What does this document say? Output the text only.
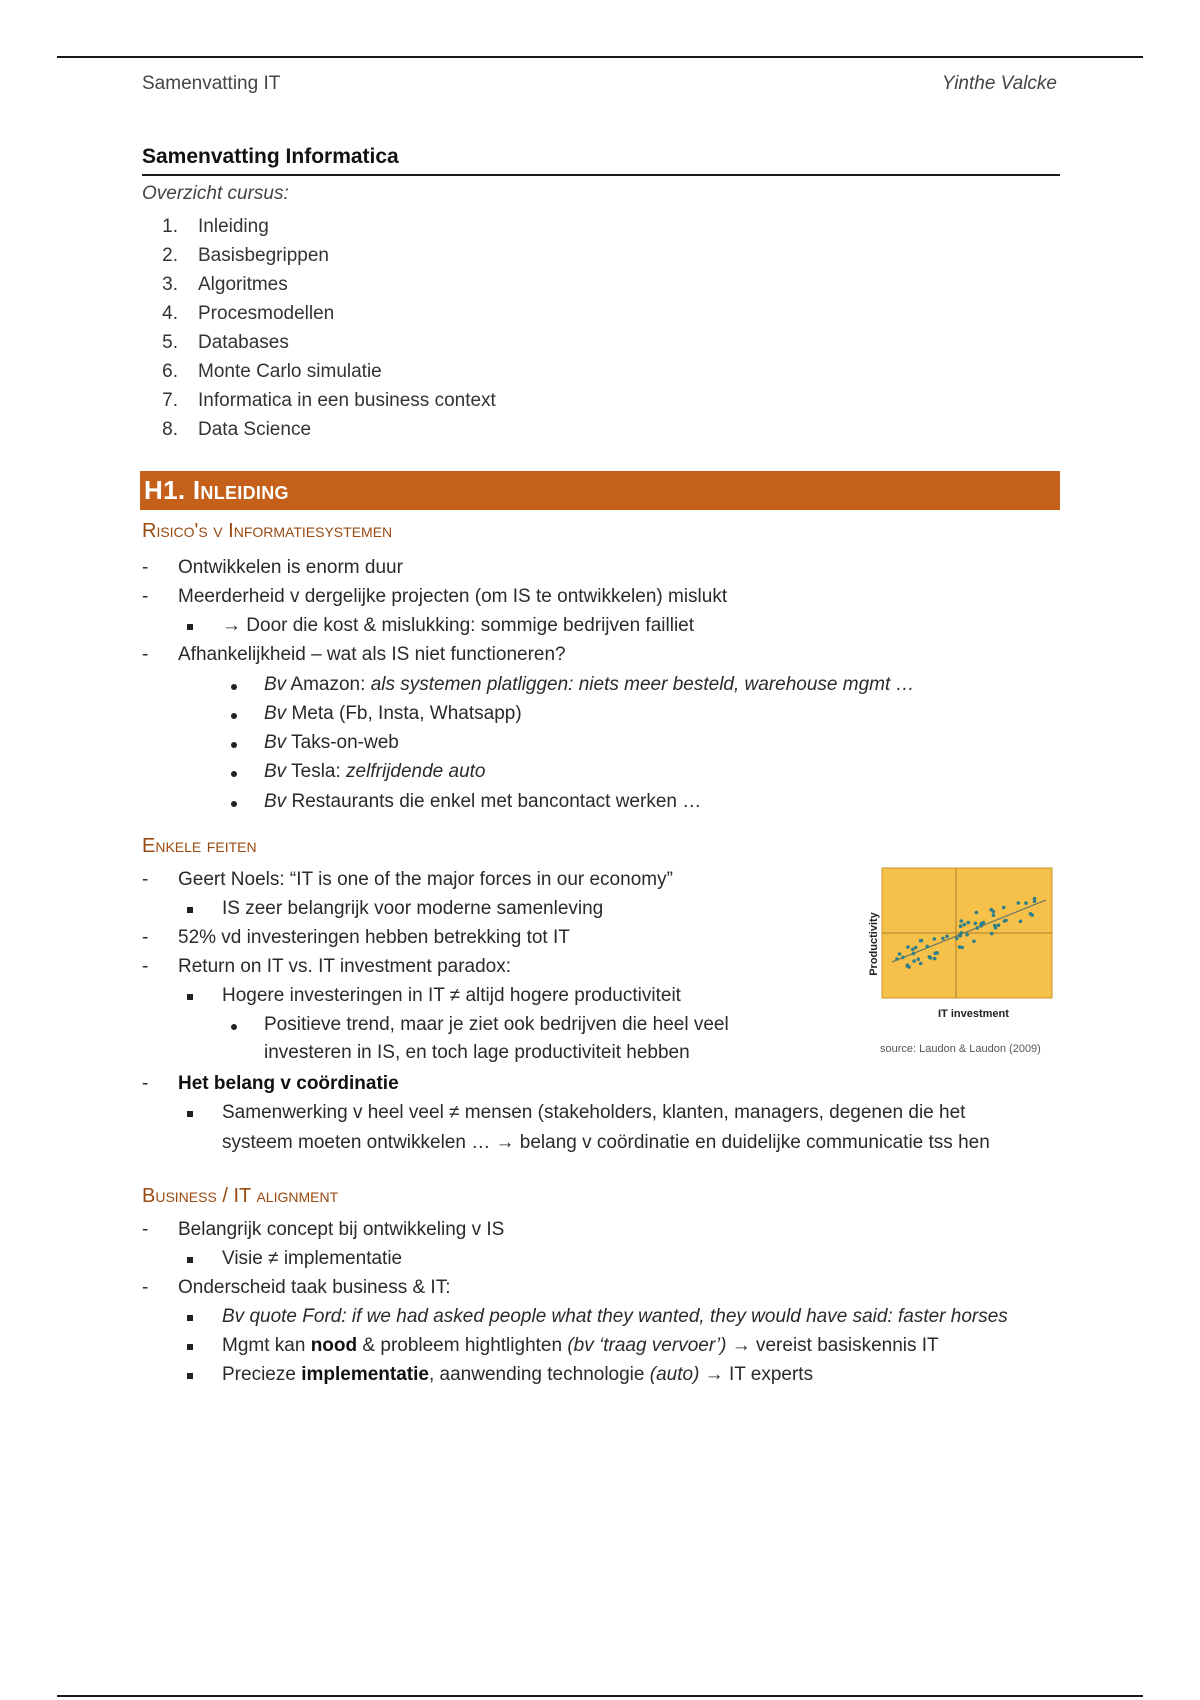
Samenvatting IT	Yinthe Valcke
Samenvatting Informatica
Overzicht cursus:
1. Inleiding
2. Basisbegrippen
3. Algoritmes
4. Procesmodellen
5. Databases
6. Monte Carlo simulatie
7. Informatica in een business context
8. Data Science
H1. Inleiding
Risico's v Informatiesystemen
- Ontwikkelen is enorm duur
- Meerderheid v dergelijke projecten (om IS te ontwikkelen) mislukt
→ Door die kost & mislukking: sommige bedrijven failliet
- Afhankelijkheid – wat als IS niet functioneren?
Bv Amazon: als systemen platliggen: niets meer besteld, warehouse mgmt …
Bv Meta (Fb, Insta, Whatsapp)
Bv Taks-on-web
Bv Tesla: zelfrijdende auto
Bv Restaurants die enkel met bancontact werken …
Enkele feiten
- Geert Noels: “IT is one of the major forces in our economy”
IS zeer belangrijk voor moderne samenleving
- 52% vd investeringen hebben betrekking tot IT
- Return on IT vs. IT investment paradox:
Hogere investeringen in IT ≠ altijd hogere productiviteit
Positieve trend, maar je ziet ook bedrijven die heel veel
investeren in IS, en toch lage productiviteit hebben
- Het belang v coördinatie
Samenwerking v heel veel ≠ mensen (stakeholders, klanten, managers, degenen die het
systeem moeten ontwikkelen … → belang v coördinatie en duidelijke communicatie tss hen
Productivity
IT investment
source: Laudon & Laudon (2009)
Business / IT alignment
- Belangrijk concept bij ontwikkeling v IS
Visie ≠ implementatie
- Onderscheid taak business & IT:
Bv quote Ford: if we had asked people what they wanted, they would have said: faster horses
Mgmt kan nood & probleem hightlighten (bv ‘traag vervoer’) → vereist basiskennis IT
Precieze implementatie, aanwending technologie (auto) → IT experts
